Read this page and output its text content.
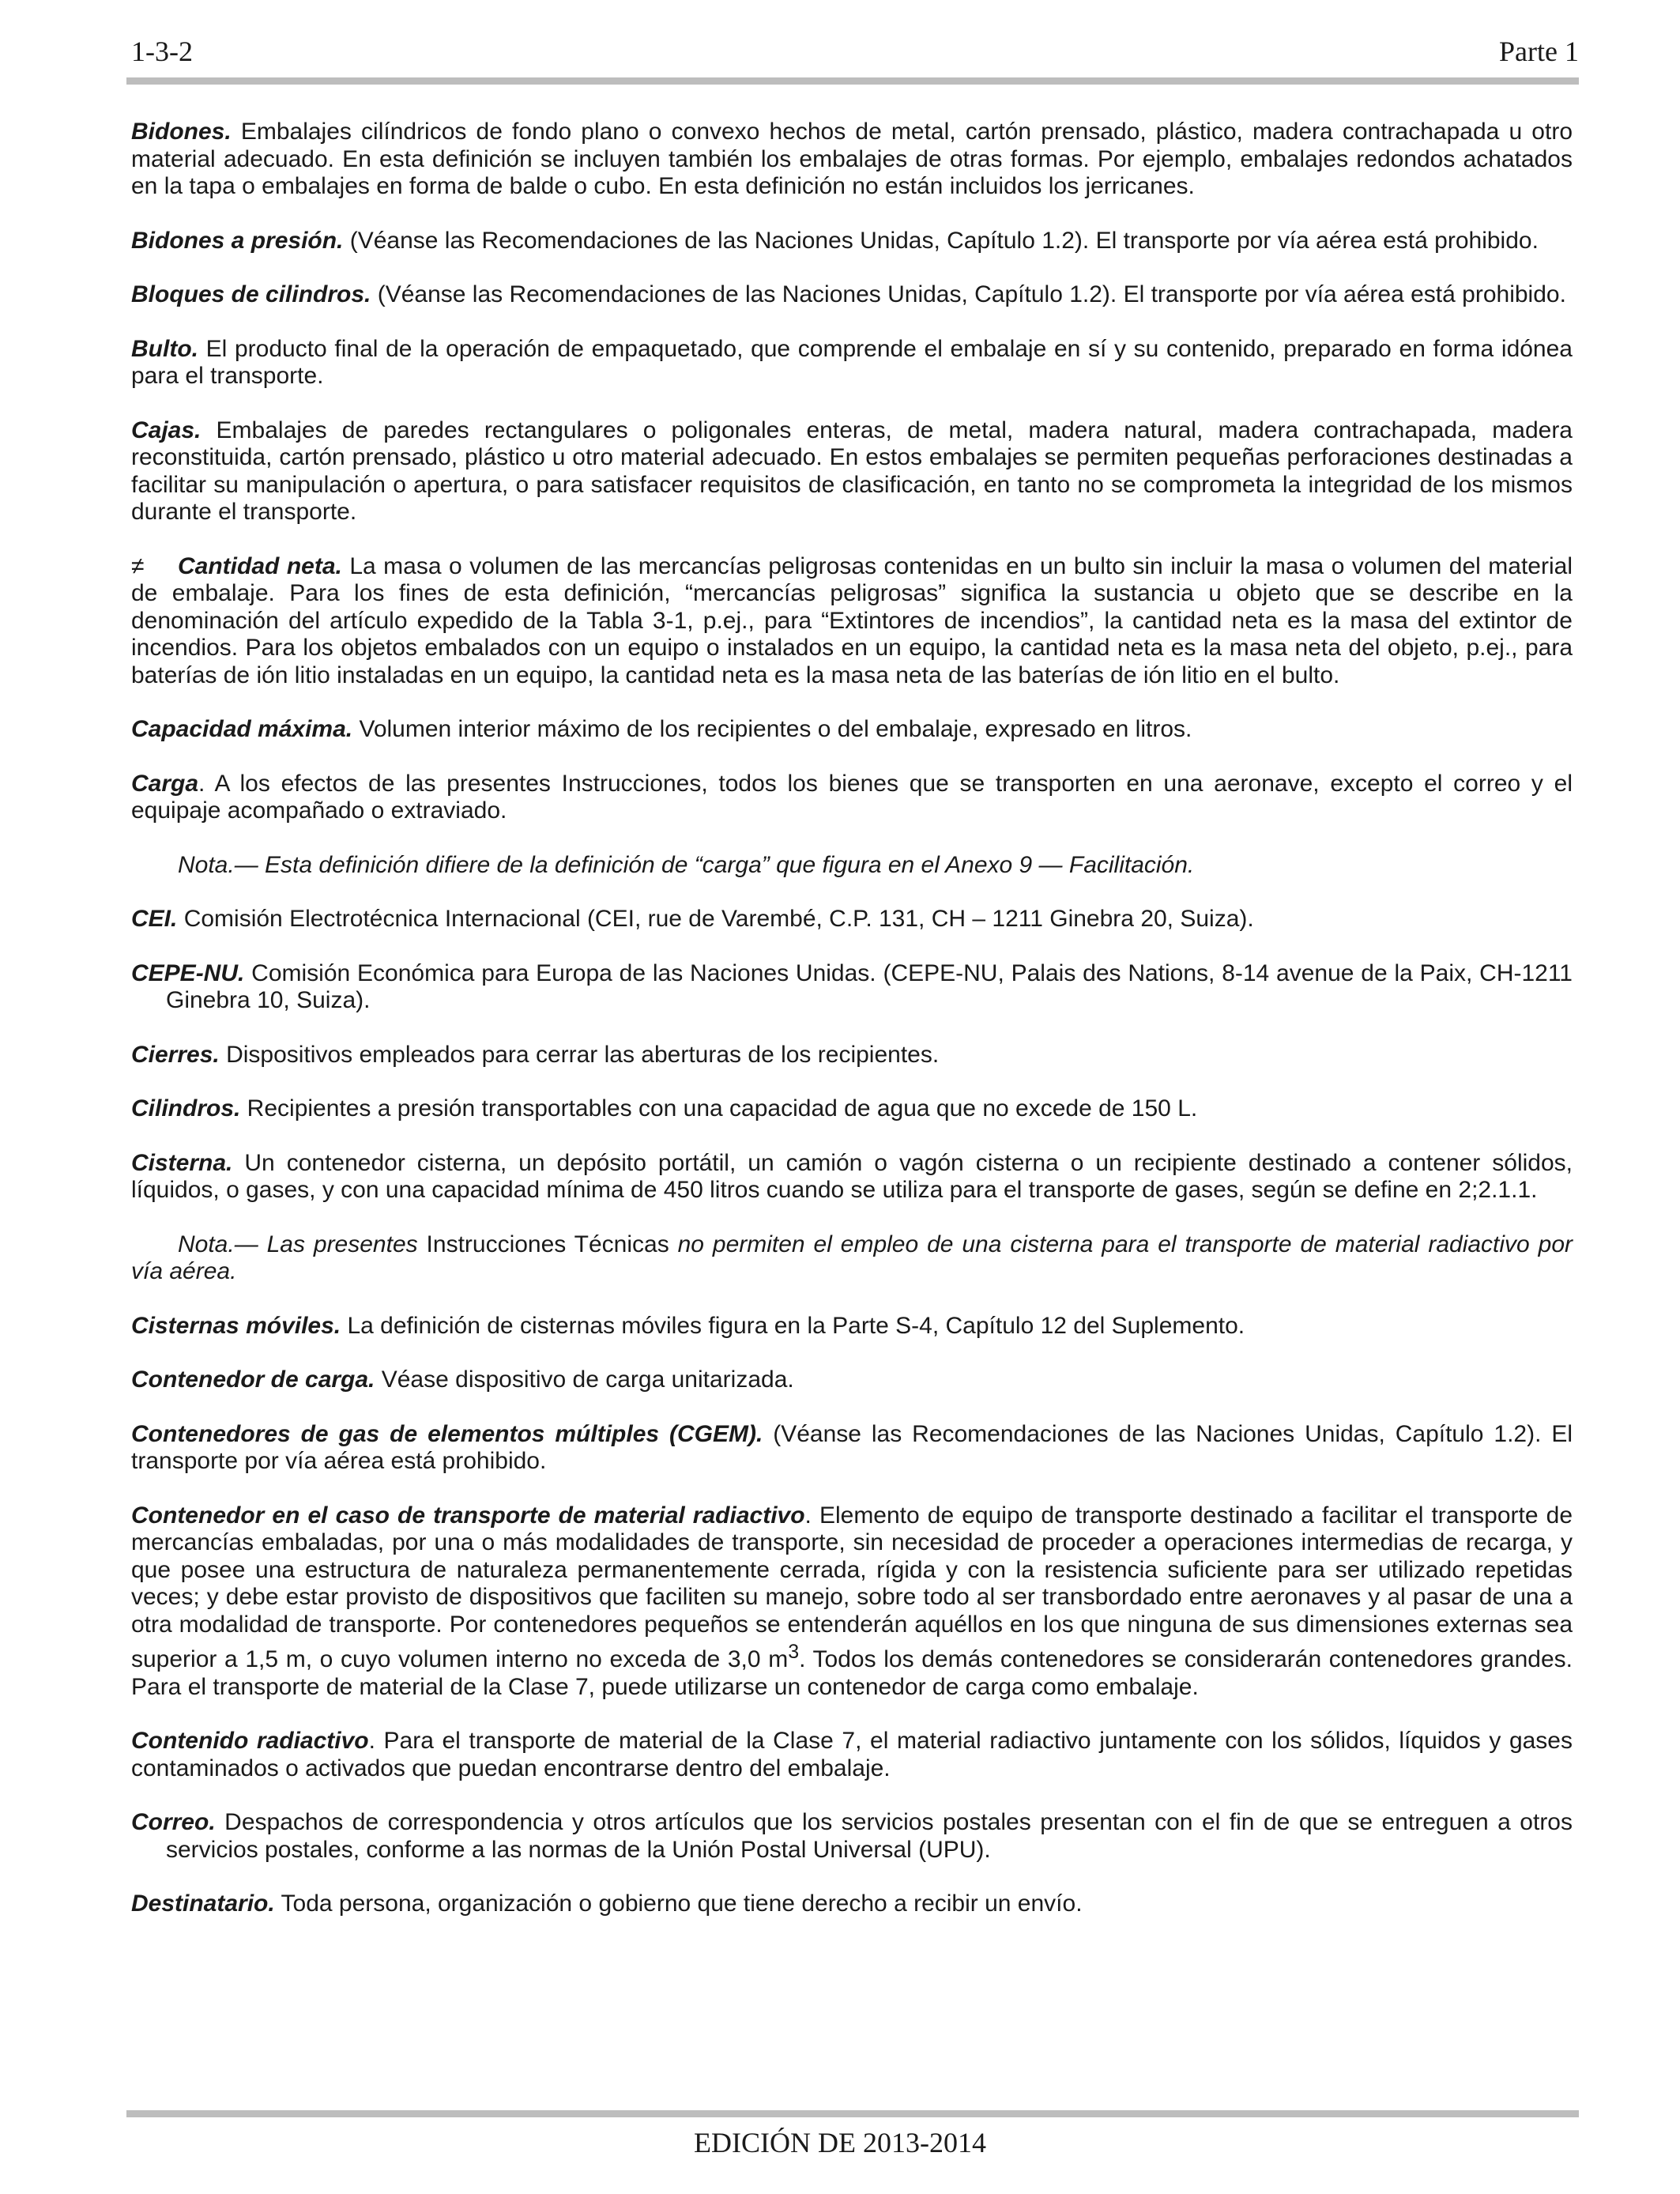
1-3-2	Parte 1

Bidones. Embalajes cilíndricos de fondo plano o convexo hechos de metal, cartón prensado, plástico, madera contrachapada u otro material adecuado. En esta definición se incluyen también los embalajes de otras formas. Por ejemplo, embalajes redondos achatados en la tapa o embalajes en forma de balde o cubo. En esta definición no están incluidos los jerricanes.

Bidones a presión. (Véanse las Recomendaciones de las Naciones Unidas, Capítulo 1.2). El transporte por vía aérea está prohibido.

Bloques de cilindros. (Véanse las Recomendaciones de las Naciones Unidas, Capítulo 1.2). El transporte por vía aérea está prohibido.

Bulto. El producto final de la operación de empaquetado, que comprende el embalaje en sí y su contenido, preparado en forma idónea para el transporte.

Cajas. Embalajes de paredes rectangulares o poligonales enteras, de metal, madera natural, madera contrachapada, madera reconstituida, cartón prensado, plástico u otro material adecuado. En estos embalajes se permiten pequeñas perforaciones destinadas a facilitar su manipulación o apertura, o para satisfacer requisitos de clasificación, en tanto no se comprometa la integridad de los mismos durante el transporte.

≠ Cantidad neta. La masa o volumen de las mercancías peligrosas contenidas en un bulto sin incluir la masa o volumen del material de embalaje. Para los fines de esta definición, “mercancías peligrosas” significa la sustancia u objeto que se describe en la denominación del artículo expedido de la Tabla 3-1, p.ej., para “Extintores de incendios”, la cantidad neta es la masa del extintor de incendios. Para los objetos embalados con un equipo o instalados en un equipo, la cantidad neta es la masa neta del objeto, p.ej., para baterías de ión litio instaladas en un equipo, la cantidad neta es la masa neta de las baterías de ión litio en el bulto.

Capacidad máxima. Volumen interior máximo de los recipientes o del embalaje, expresado en litros.

Carga. A los efectos de las presentes Instrucciones, todos los bienes que se transporten en una aeronave, excepto el correo y el equipaje acompañado o extraviado.

Nota.— Esta definición difiere de la definición de “carga” que figura en el Anexo 9 — Facilitación.

CEI. Comisión Electrotécnica Internacional (CEI, rue de Varembé, C.P. 131, CH – 1211 Ginebra 20, Suiza).

CEPE-NU. Comisión Económica para Europa de las Naciones Unidas. (CEPE-NU, Palais des Nations, 8-14 avenue de la Paix, CH-1211 Ginebra 10, Suiza).

Cierres. Dispositivos empleados para cerrar las aberturas de los recipientes.

Cilindros. Recipientes a presión transportables con una capacidad de agua que no excede de 150 L.

Cisterna. Un contenedor cisterna, un depósito portátil, un camión o vagón cisterna o un recipiente destinado a contener sólidos, líquidos, o gases, y con una capacidad mínima de 450 litros cuando se utiliza para el transporte de gases, según se define en 2;2.1.1.

Nota.— Las presentes Instrucciones Técnicas no permiten el empleo de una cisterna para el transporte de material radiactivo por vía aérea.

Cisternas móviles. La definición de cisternas móviles figura en la Parte S-4, Capítulo 12 del Suplemento.

Contenedor de carga. Véase dispositivo de carga unitarizada.

Contenedores de gas de elementos múltiples (CGEM). (Véanse las Recomendaciones de las Naciones Unidas, Capítulo 1.2). El transporte por vía aérea está prohibido.

Contenedor en el caso de transporte de material radiactivo. Elemento de equipo de transporte destinado a facilitar el transporte de mercancías embaladas, por una o más modalidades de transporte, sin necesidad de proceder a operaciones intermedias de recarga, y que posee una estructura de naturaleza permanentemente cerrada, rígida y con la resistencia suficiente para ser utilizado repetidas veces; y debe estar provisto de dispositivos que faciliten su manejo, sobre todo al ser transbordado entre aeronaves y al pasar de una a otra modalidad de transporte. Por contenedores pequeños se entenderán aquéllos en los que ninguna de sus dimensiones externas sea superior a 1,5 m, o cuyo volumen interno no exceda de 3,0 $m^3$. Todos los demás contenedores se considerarán contenedores grandes. Para el transporte de material de la Clase 7, puede utilizarse un contenedor de carga como embalaje.

Contenido radiactivo. Para el transporte de material de la Clase 7, el material radiactivo juntamente con los sólidos, líquidos y gases contaminados o activados que puedan encontrarse dentro del embalaje.

Correo. Despachos de correspondencia y otros artículos que los servicios postales presentan con el fin de que se entreguen a otros servicios postales, conforme a las normas de la Unión Postal Universal (UPU).

Destinatario. Toda persona, organización o gobierno que tiene derecho a recibir un envío.

EDICIÓN DE 2013-2014
